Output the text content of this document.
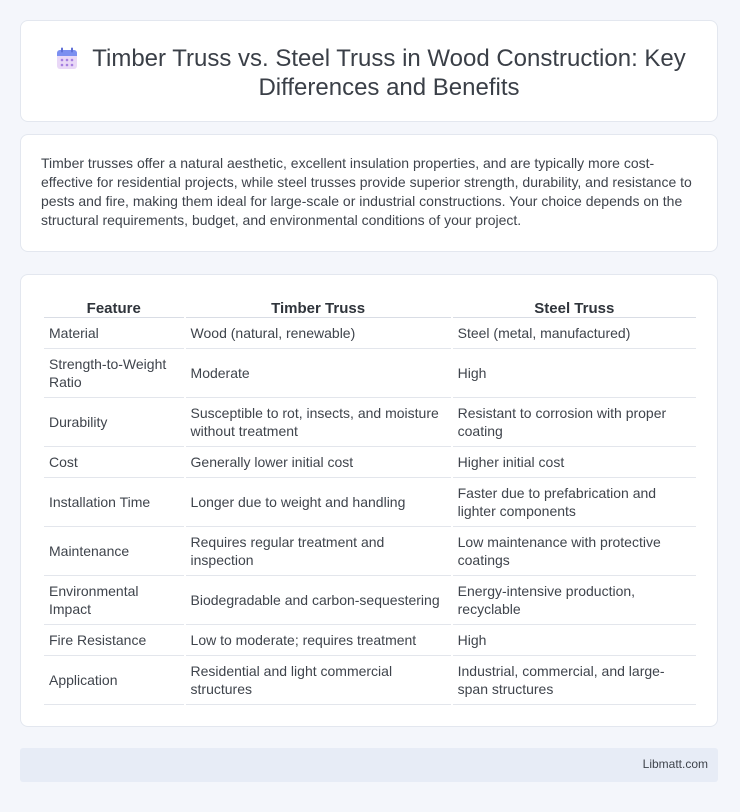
Timber Truss vs. Steel Truss in Wood Construction: Key Differences and Benefits

Timber trusses offer a natural aesthetic, excellent insulation properties, and are typically more cost-effective for residential projects, while steel trusses provide superior strength, durability, and resistance to pests and fire, making them ideal for large-scale or industrial constructions. Your choice depends on the structural requirements, budget, and environmental conditions of your project.

Feature	Timber Truss	Steel Truss
Material	Wood (natural, renewable)	Steel (metal, manufactured)
Strength-to-Weight Ratio	Moderate	High
Durability	Susceptible to rot, insects, and moisture without treatment	Resistant to corrosion with proper coating
Cost	Generally lower initial cost	Higher initial cost
Installation Time	Longer due to weight and handling	Faster due to prefabrication and lighter components
Maintenance	Requires regular treatment and inspection	Low maintenance with protective coatings
Environmental Impact	Biodegradable and carbon-sequestering	Energy-intensive production, recyclable
Fire Resistance	Low to moderate; requires treatment	High
Application	Residential and light commercial structures	Industrial, commercial, and large-span structures
Libmatt.com
